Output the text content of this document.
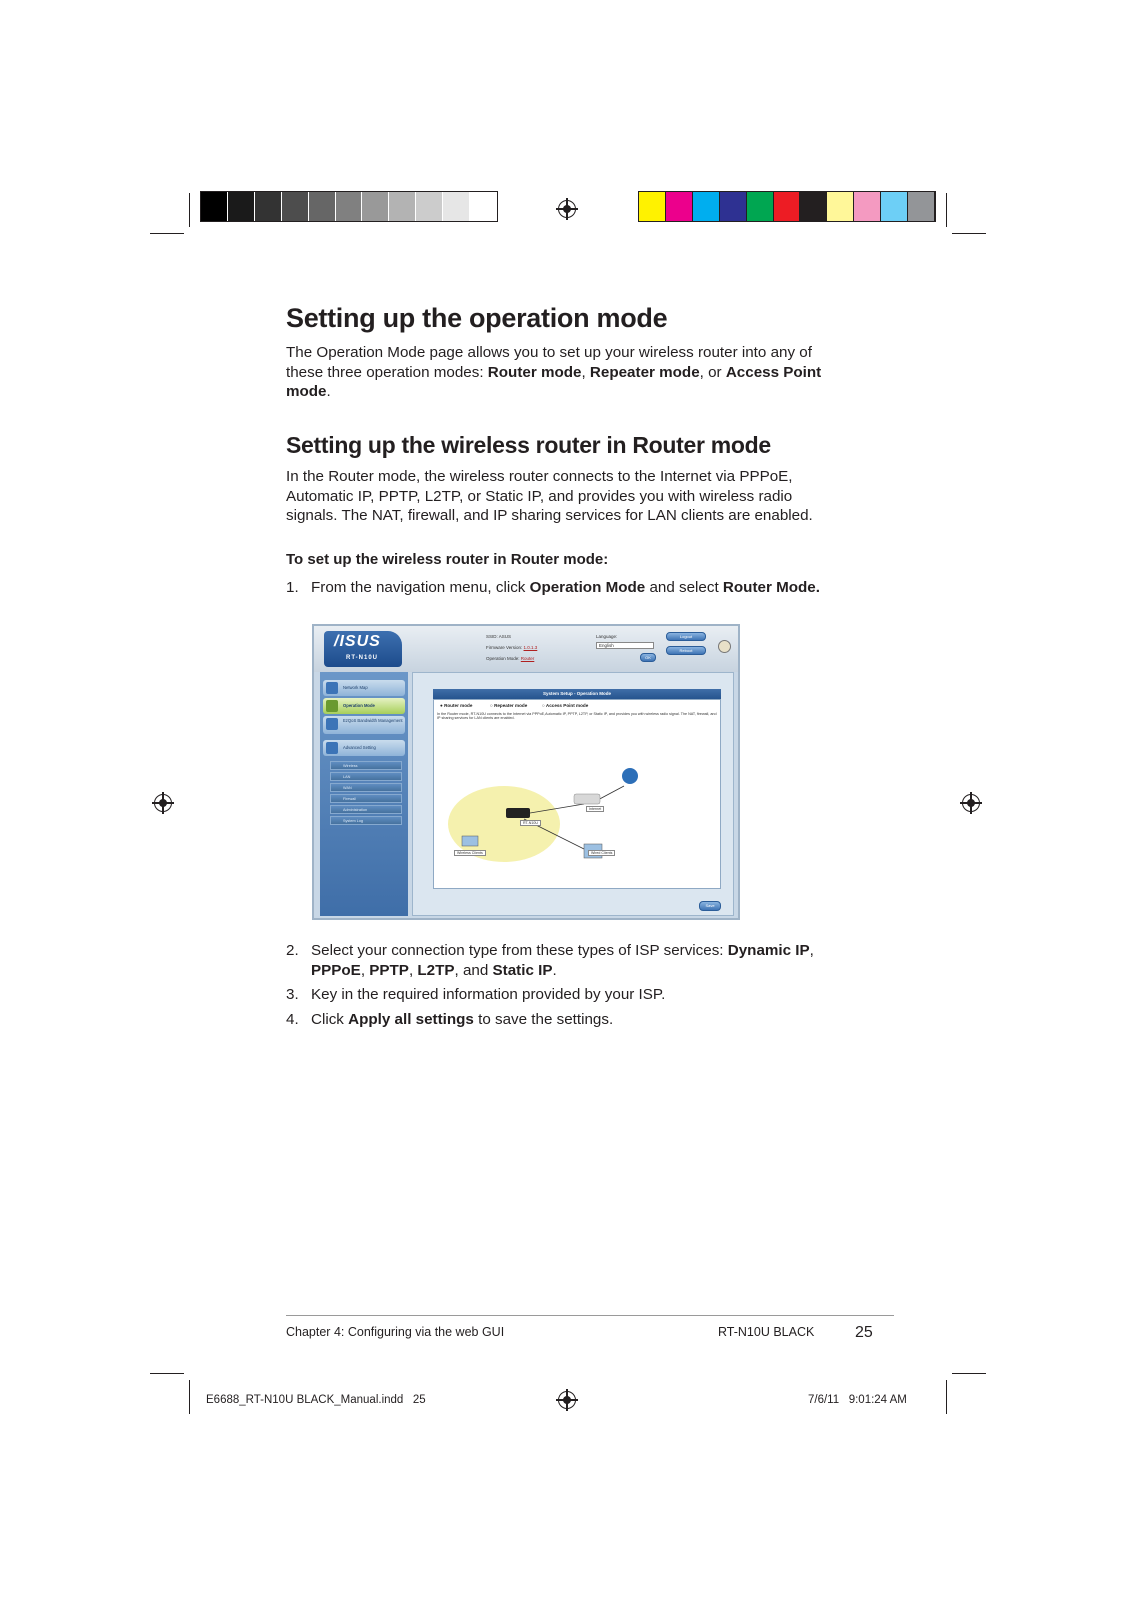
Setting up the operation mode

The Operation Mode page allows you to set up your wireless router into any of these three operation modes: Router mode, Repeater mode, or Access Point mode.

Setting up the wireless router in Router mode

In the Router mode, the wireless router connects to the Internet via PPPoE, Automatic IP, PPTP, L2TP, or Static IP, and provides you with wireless radio signals. The NAT, firewall, and IP sharing services for LAN clients are enabled.

To set up the wireless router in Router mode:
1. From the navigation menu, click Operation Mode and select Router Mode.
/ISUS
RT-N10U
SSID: ASUS
Firmware Version: 1.0.1.3
Operation Mode: Router
Language:
English
OK
Logout
Reboot
Network Map
Operation Mode
EzQoS Bandwidth Management
Advanced Setting
Wireless
LAN
WAN
Firewall
Administration
System Log
System Setup - Operation Mode
● Router mode	○ Repeater mode	○ Access Point mode
In the Router mode, RT-N10U connects to the Internet via PPPoE,Automatic IP, PPTP, L2TP, or Static IP, and provides you with wireless radio signal. The NAT, firewall, and IP sharing services for LAN clients are enabled.
RT-N10U
Internet
Wireless Clients	Wired Clients
Save
2. Select your connection type from these types of ISP services: Dynamic IP, PPPoE, PPTP, L2TP, and Static IP.
3. Key in the required information provided by your ISP.
4. Click Apply all settings to save the settings.
Chapter 4: Configuring via the web GUI	RT-N10U BLACK	25
E6688_RT-N10U BLACK_Manual.indd   25	7/6/11   9:01:24 AM
